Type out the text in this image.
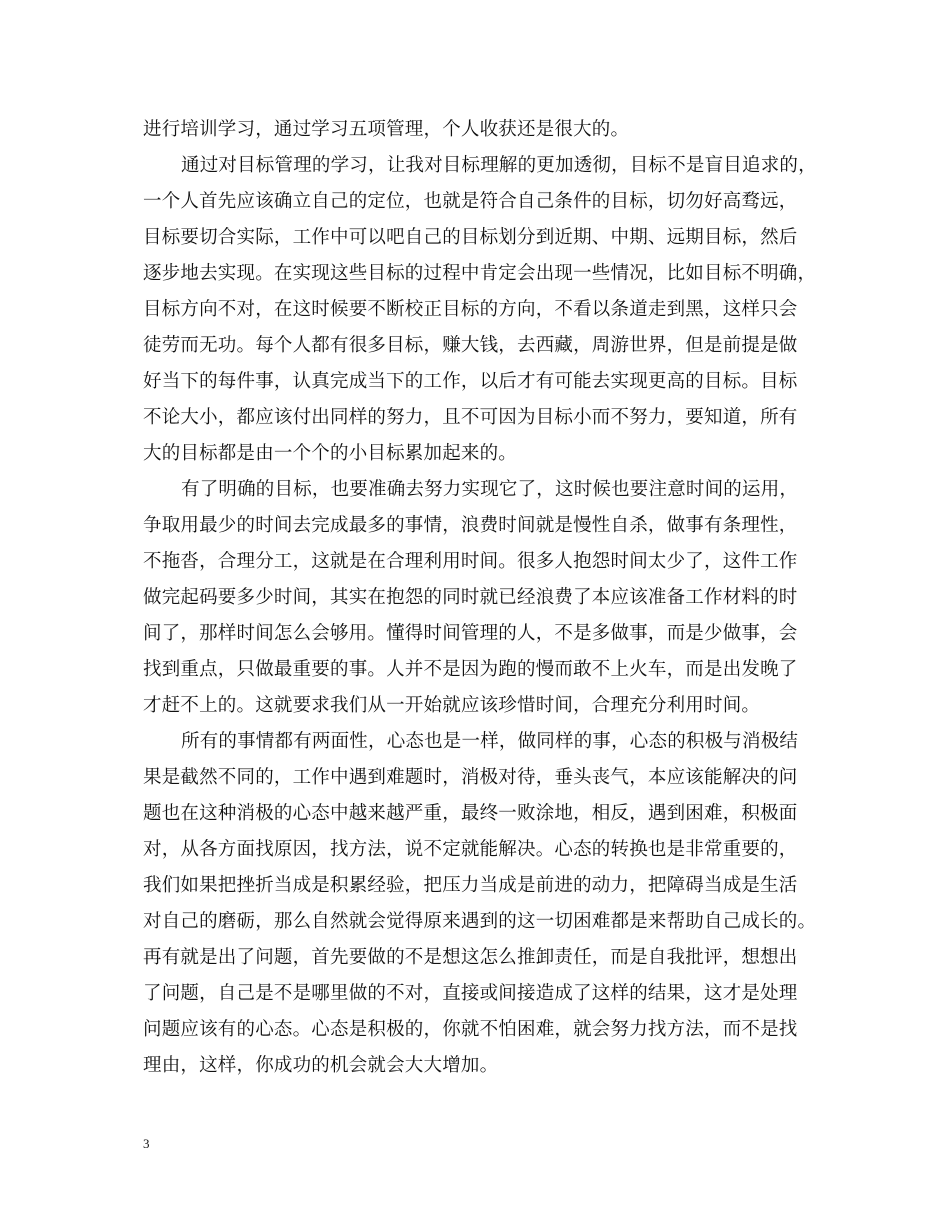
进行培训学习，通过学习五项管理，个人收获还是很大的。
通过对目标管理的学习，让我对目标理解的更加透彻，目标不是盲目追求的，
一个人首先应该确立自己的定位，也就是符合自己条件的目标，切勿好高骛远，
目标要切合实际，工作中可以吧自己的目标划分到近期、中期、远期目标，然后
逐步地去实现。在实现这些目标的过程中肯定会出现一些情况，比如目标不明确，
目标方向不对，在这时候要不断校正目标的方向，不看以条道走到黑，这样只会
徒劳而无功。每个人都有很多目标，赚大钱，去西藏，周游世界，但是前提是做
好当下的每件事，认真完成当下的工作，以后才有可能去实现更高的目标。目标
不论大小，都应该付出同样的努力，且不可因为目标小而不努力，要知道，所有
大的目标都是由一个个的小目标累加起来的。
有了明确的目标，也要准确去努力实现它了，这时候也要注意时间的运用，
争取用最少的时间去完成最多的事情，浪费时间就是慢性自杀，做事有条理性，
不拖沓，合理分工，这就是在合理利用时间。很多人抱怨时间太少了，这件工作
做完起码要多少时间，其实在抱怨的同时就已经浪费了本应该准备工作材料的时
间了，那样时间怎么会够用。懂得时间管理的人，不是多做事，而是少做事，会
找到重点，只做最重要的事。人并不是因为跑的慢而敢不上火车，而是出发晚了
才赶不上的。这就要求我们从一开始就应该珍惜时间，合理充分利用时间。
所有的事情都有两面性，心态也是一样，做同样的事，心态的积极与消极结
果是截然不同的，工作中遇到难题时，消极对待，垂头丧气，本应该能解决的问
题也在这种消极的心态中越来越严重，最终一败涂地，相反，遇到困难，积极面
对，从各方面找原因，找方法，说不定就能解决。心态的转换也是非常重要的，
我们如果把挫折当成是积累经验，把压力当成是前进的动力，把障碍当成是生活
对自己的磨砺，那么自然就会觉得原来遇到的这一切困难都是来帮助自己成长的。
再有就是出了问题，首先要做的不是想这怎么推卸责任，而是自我批评，想想出
了问题，自己是不是哪里做的不对，直接或间接造成了这样的结果，这才是处理
问题应该有的心态。心态是积极的，你就不怕困难，就会努力找方法，而不是找
理由，这样，你成功的机会就会大大增加。
3
